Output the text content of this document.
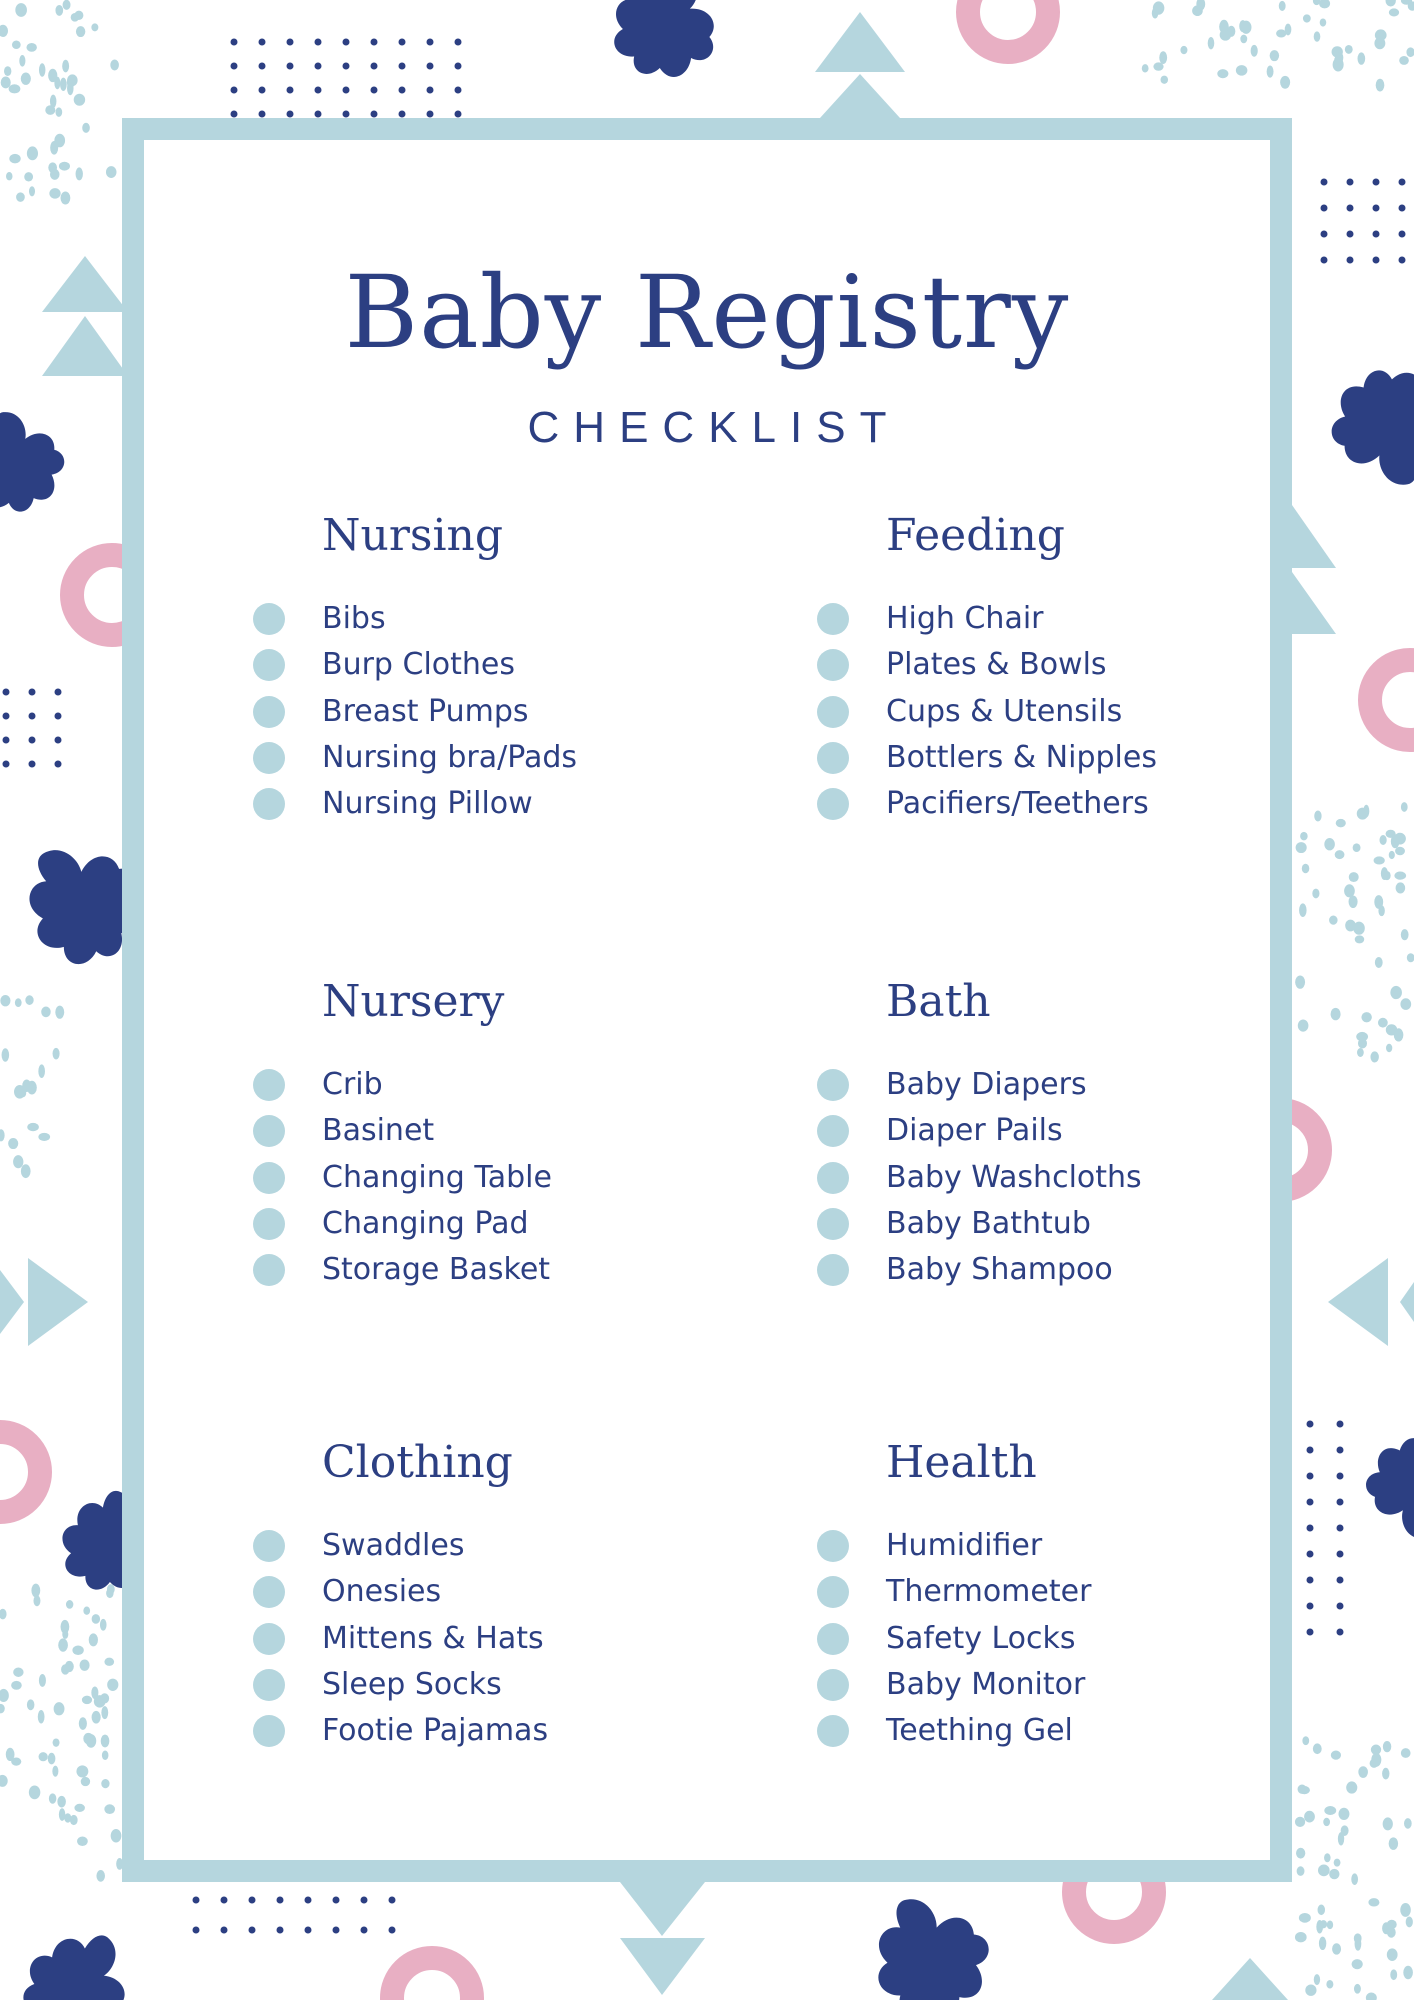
Baby Registry
CHECKLIST
Nursing
Bibs
Burp Clothes
Breast Pumps
Nursing bra/Pads
Nursing Pillow
Feeding
High Chair
Plates & Bowls
Cups & Utensils
Bottlers & Nipples
Pacifiers/Teethers
Nursery
Crib
Basinet
Changing Table
Changing Pad
Storage Basket
Bath
Baby Diapers
Diaper Pails
Baby Washcloths
Baby Bathtub
Baby Shampoo
Clothing
Swaddles
Onesies
Mittens & Hats
Sleep Socks
Footie Pajamas
Health
Humidifier
Thermometer
Safety Locks
Baby Monitor
Teething Gel
